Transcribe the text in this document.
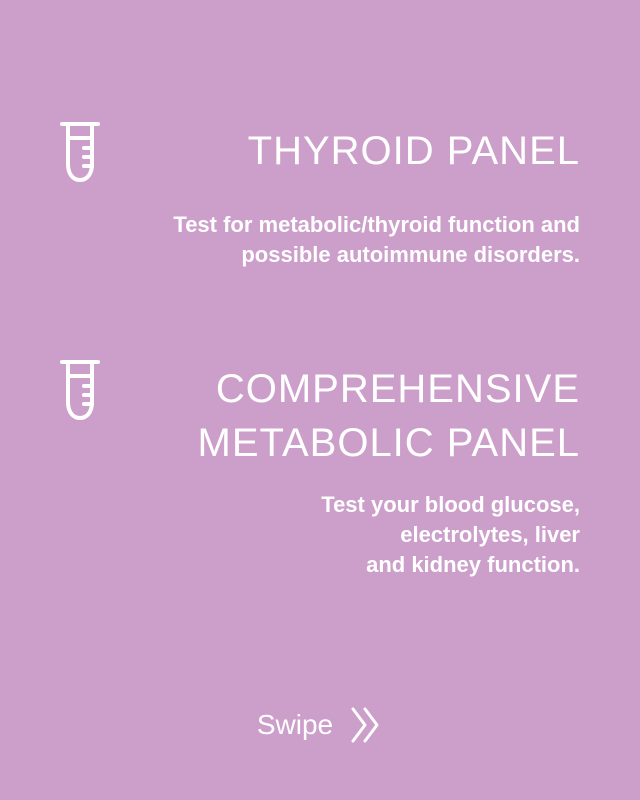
THYROID PANEL

Test for metabolic/thyroid function and
possible autoimmune disorders.

COMPREHENSIVE
METABOLIC PANEL

Test your blood glucose,
electrolytes, liver
and kidney function.

Swipe
